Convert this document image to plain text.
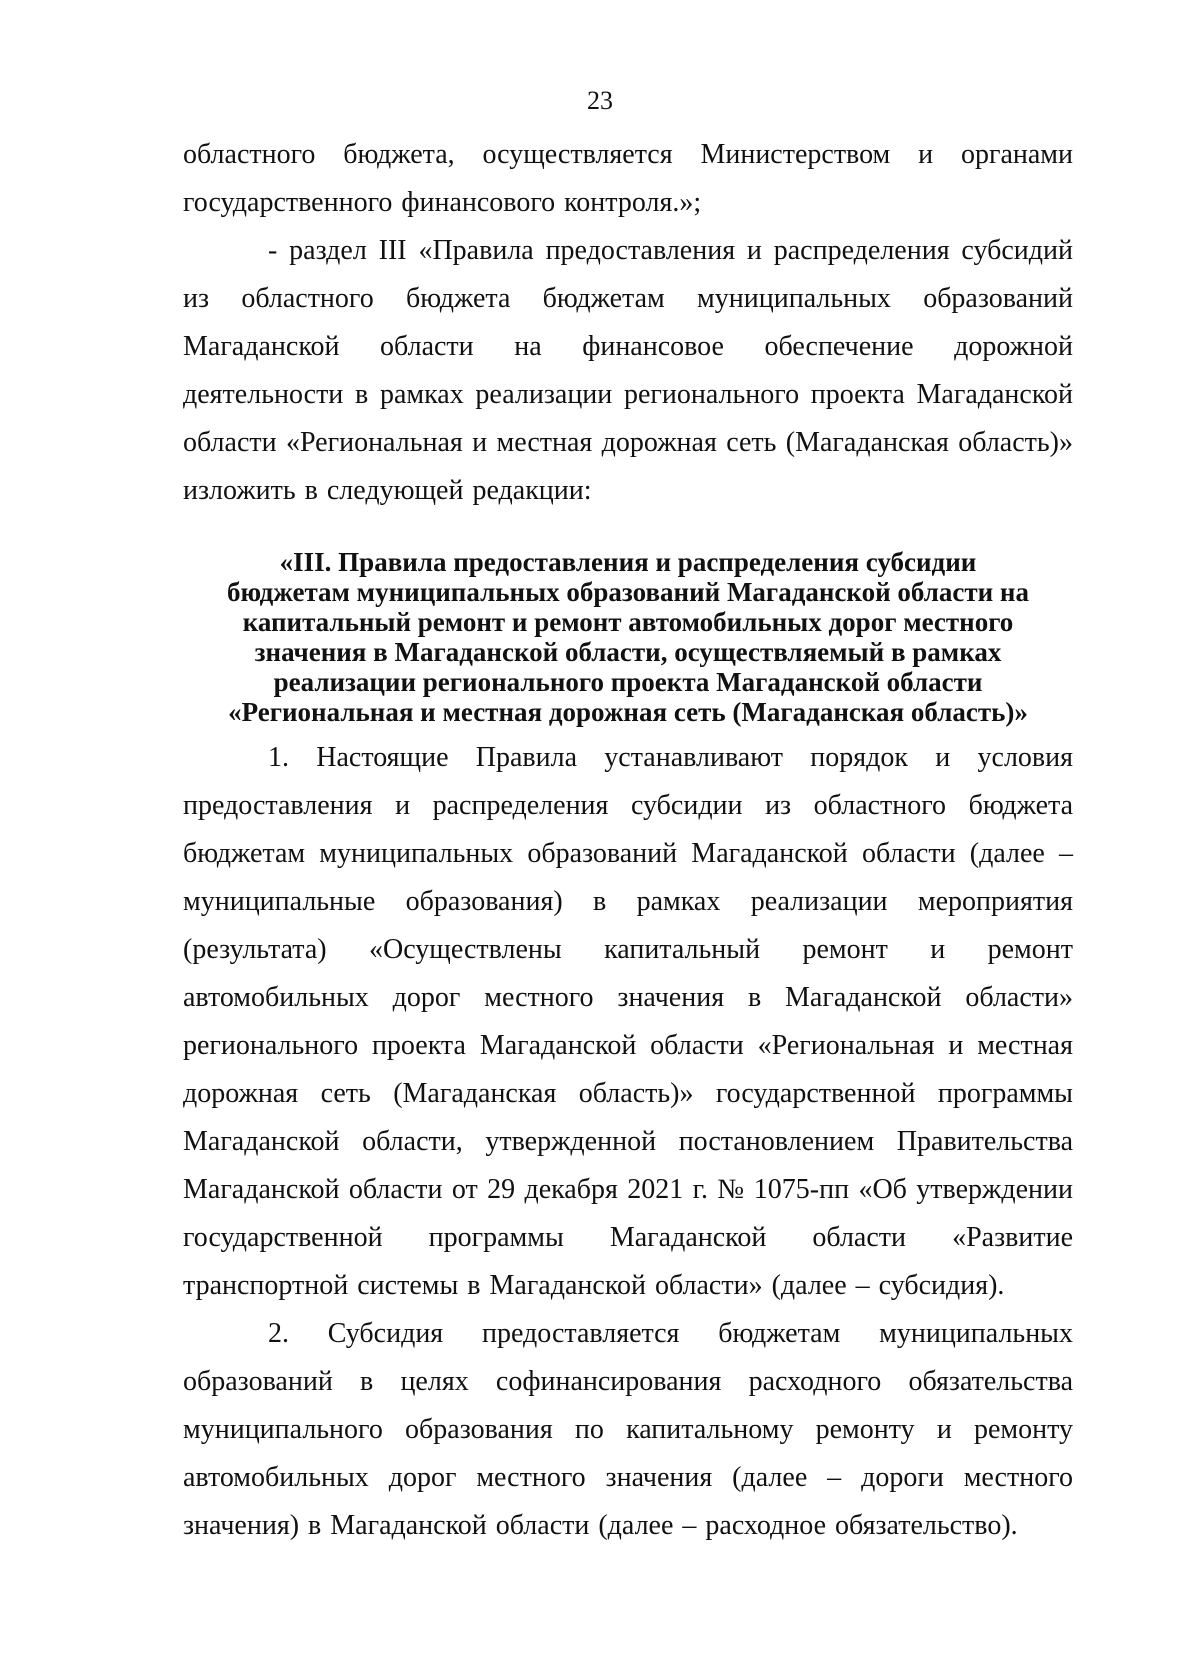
23

областного бюджета, осуществляется Министерством и органами государственного финансового контроля.»;

- раздел III «Правила предоставления и распределения субсидий из областного бюджета бюджетам муниципальных образований Магаданской области на финансовое обеспечение дорожной деятельности в рамках реализации регионального проекта Магаданской области «Региональная и местная дорожная сеть (Магаданская область)» изложить в следующей редакции:

«III. Правила предоставления и распределения субсидии
бюджетам муниципальных образований Магаданской области на
капитальный ремонт и ремонт автомобильных дорог местного
значения в Магаданской области, осуществляемый в рамках
реализации регионального проекта Магаданской области
«Региональная и местная дорожная сеть (Магаданская область)»

1. Настоящие Правила устанавливают порядок и условия предоставления и распределения субсидии из областного бюджета бюджетам муниципальных образований Магаданской области (далее – муниципальные образования) в рамках реализации мероприятия (результата) «Осуществлены капитальный ремонт и ремонт автомобильных дорог местного значения в Магаданской области» регионального проекта Магаданской области «Региональная и местная дорожная сеть (Магаданская область)» государственной программы Магаданской области, утвержденной постановлением Правительства Магаданской области от 29 декабря 2021 г. № 1075-пп «Об утверждении государственной программы Магаданской области «Развитие транспортной системы в Магаданской области» (далее – субсидия).

2. Субсидия предоставляется бюджетам муниципальных образований в целях софинансирования расходного обязательства муниципального образования по капитальному ремонту и ремонту автомобильных дорог местного значения (далее – дороги местного значения) в Магаданской области (далее – расходное обязательство).
